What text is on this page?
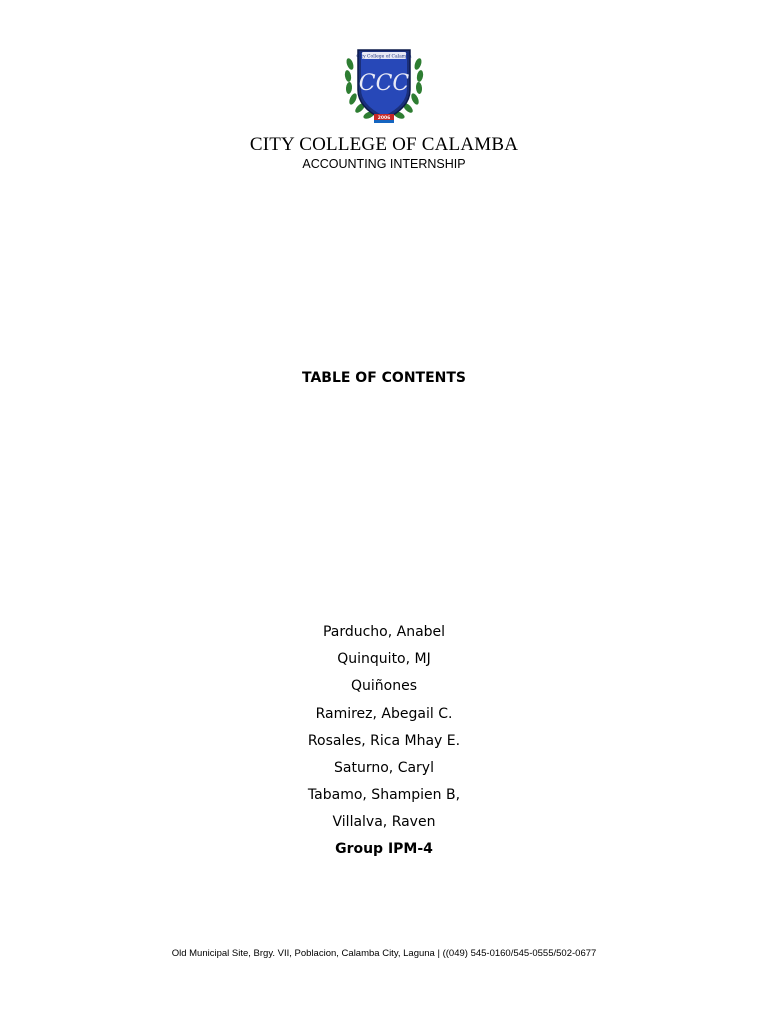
City College of Calamba
CCC
2006
CITY COLLEGE OF CALAMBA
ACCOUNTING INTERNSHIP
TABLE OF CONTENTS
Parducho, Anabel
Quinquito, MJ
Quiñones
Ramirez, Abegail C.
Rosales, Rica Mhay E.
Saturno, Caryl
Tabamo, Shampien B,
Villalva, Raven
Group IPM-4
Old Municipal Site, Brgy. VII, Poblacion, Calamba City, Laguna | ((049) 545-0160/545-0555/502-0677
